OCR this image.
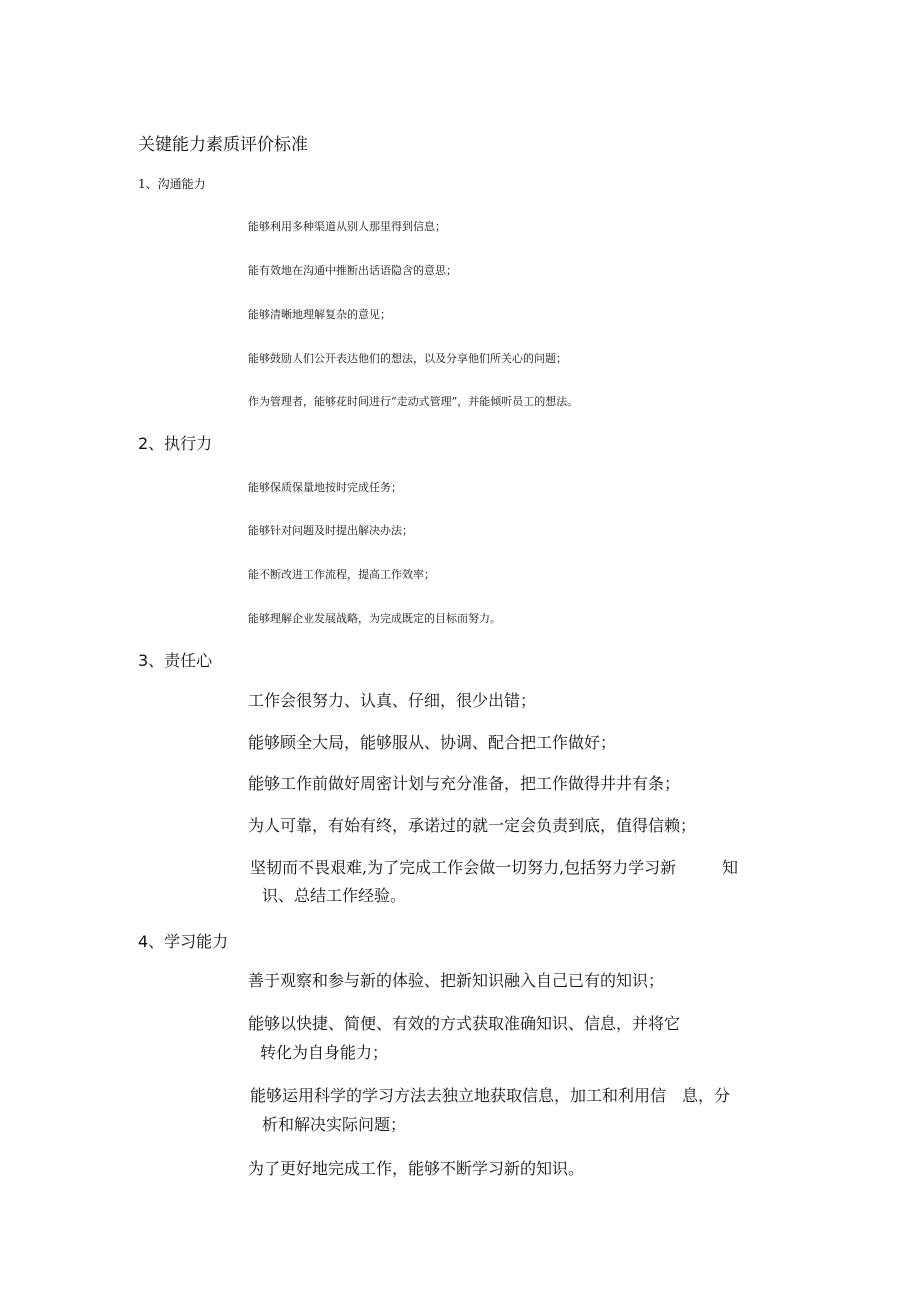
关键能力素质评价标准
1、沟通能力
能够利用多种渠道从别人那里得到信息；
能有效地在沟通中推断出话语隐含的意思；
能够清晰地理解复杂的意见；
能够鼓励人们公开表达他们的想法，以及分享他们所关心的问题；
作为管理者，能够花时间进行“走动式管理”，并能倾听员工的想法。
2、执行力
能够保质保量地按时完成任务；
能够针对问题及时提出解决办法；
能不断改进工作流程，提高工作效率；
能够理解企业发展战略，为完成既定的目标而努力。
3、责任心
工作会很努力、认真、仔细，很少出错；
能够顾全大局，能够服从、协调、配合把工作做好；
能够工作前做好周密计划与充分准备，把工作做得井井有条；
为人可靠，有始有终，承诺过的就一定会负责到底，值得信赖；
坚韧而不畏艰难,为了完成工作会做一切努力,包括努力学习新	知
识、总结工作经验。
4、学习能力
善于观察和参与新的体验、把新知识融入自己已有的知识；
能够以快捷、简便、有效的方式获取准确知识、信息，并将它
转化为自身能力；
能够运用科学的学习方法去独立地获取信息，加工和利用信 息，分
析和解决实际问题；
为了更好地完成工作，能够不断学习新的知识。
